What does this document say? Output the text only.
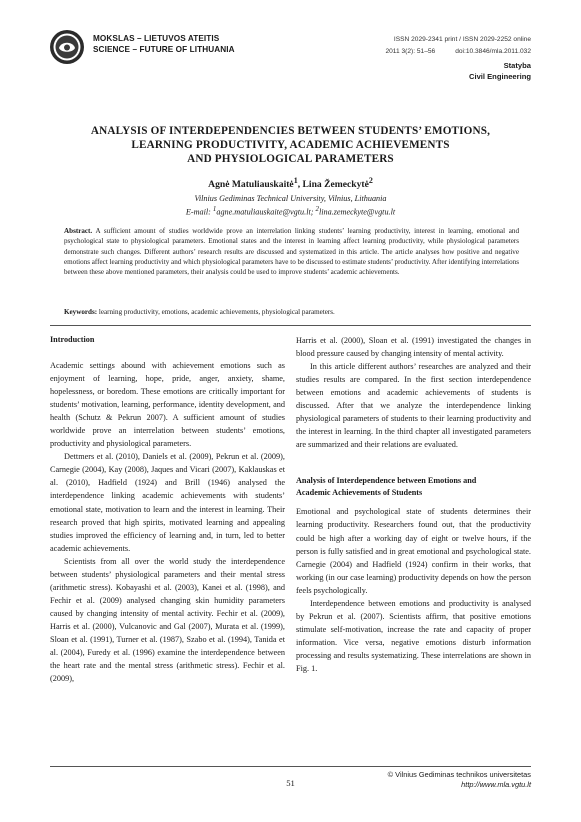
MOKSLAS – LIETUVOS ATEITIS
SCIENCE – FUTURE OF LITHUANIA
ISSN 2029-2341 print / ISSN 2029-2252 online
2011 3(2): 51–56	doi:10.3846/mla.2011.032
Statyba
Civil Engineering
ANALYSIS OF INTERDEPENDENCIES BETWEEN STUDENTS’ EMOTIONS,
LEARNING PRODUCTIVITY, ACADEMIC ACHIEVEMENTS
AND PHYSIOLOGICAL PARAMETERS
Agnė Matuliauskaitė$^1$, Lina Žemeckytė$^2$
Vilnius Gediminas Technical University, Vilnius, Lithuania
E-mail: $^1$agne.matuliauskaite@vgtu.lt; $^2$lina.zemeckyte@vgtu.lt
Abstract. A sufficient amount of studies worldwide prove an interrelation linking students’ learning productivity, interest in learning, emotional and psychological state to physiological parameters. Emotional states and the interest in learning affect learning productivity, while physiological parameters demonstrate such changes. Different authors’ research results are discussed and systematized in this article. The article analyses how positive and negative emotions affect learning productivity and which physiological parameters have to be discussed to estimate students’ productivity. After identifying interrelations between these above mentioned parameters, their analysis could be used to improve students’ academic achievements.
Keywords: learning productivity, emotions, academic achievements, physiological parameters.
Introduction

Academic settings abound with achievement emotions such as enjoyment of learning, hope, pride, anger, anxiety, shame, hopelessness, or boredom. These emotions are critically important for students’ motivation, learning, performance, identity development, and health (Schutz & Pekrun 2007). A sufficient amount of studies worldwide prove an interrelation between students’ emotions, productivity and physiological parameters.

Dettmers et al. (2010), Daniels et al. (2009), Pekrun et al. (2009), Carnegie (2004), Kay (2008), Jaques and Vicari (2007), Kaklauskas et al. (2010), Hadfield (1924) and Brill (1946) analysed the interdependence linking academic achievements with students’ emotional state, motivation to learn and the interest in learning. Their research proved that high spirits, motivated learning and appealing studies improved the efficiency of learning and, in turn, led to better academic achievements.

Scientists from all over the world study the interdependence between students’ physiological parameters and their mental stress (arithmetic stress). Kobayashi et al. (2003), Kanei et al. (1998), and Fechir et al. (2009) analysed changing skin humidity parameters caused by changing intensity of mental activity. Fechir et al. (2009), Harris et al. (2000), Vulcanovic and Gal (2007), Murata et al. (1999), Sloan et al. (1991), Turner et al. (1987), Szabo et al. (1994), Tanida et al. (2004), Furedy et al. (1996) examine the interdependence between the heart rate and the mental stress (arithmetic stress). Fechir et al. (2009),

Harris et al. (2000), Sloan et al. (1991) investigated the changes in blood pressure caused by changing intensity of mental activity.

In this article different authors’ researches are analyzed and their studies results are compared. In the first section interdependence between emotions and academic achievements of students is discussed. After that we analyze the interdependence linking physiological parameters of students to their learning productivity and the interest in learning. In the third chapter all investigated parameters are summarized and their relations are evaluated.

Analysis of Interdependence between Emotions and
Academic Achievements of Students

Emotional and psychological state of students determines their learning productivity. Researchers found out, that the productivity could be high after a working day of eight or twelve hours, if the person is fully satisfied and in great emotional and psychological state. Carnegie (2004) and Hadfield (1924) confirm in their works, that working (in our case learning) productivity depends on how the person feels psychologically.

Interdependence between emotions and productivity is analysed by Pekrun et al. (2007). Scientists affirm, that positive emotions stimulate self-motivation, increase the rate and capacity of proper information. Vice versa, negative emotions disturb information processing and results systematizing. These interrelations are shown in Fig. 1.

51
© Vilnius Gediminas technikos universitetas
http://www.mla.vgtu.lt
